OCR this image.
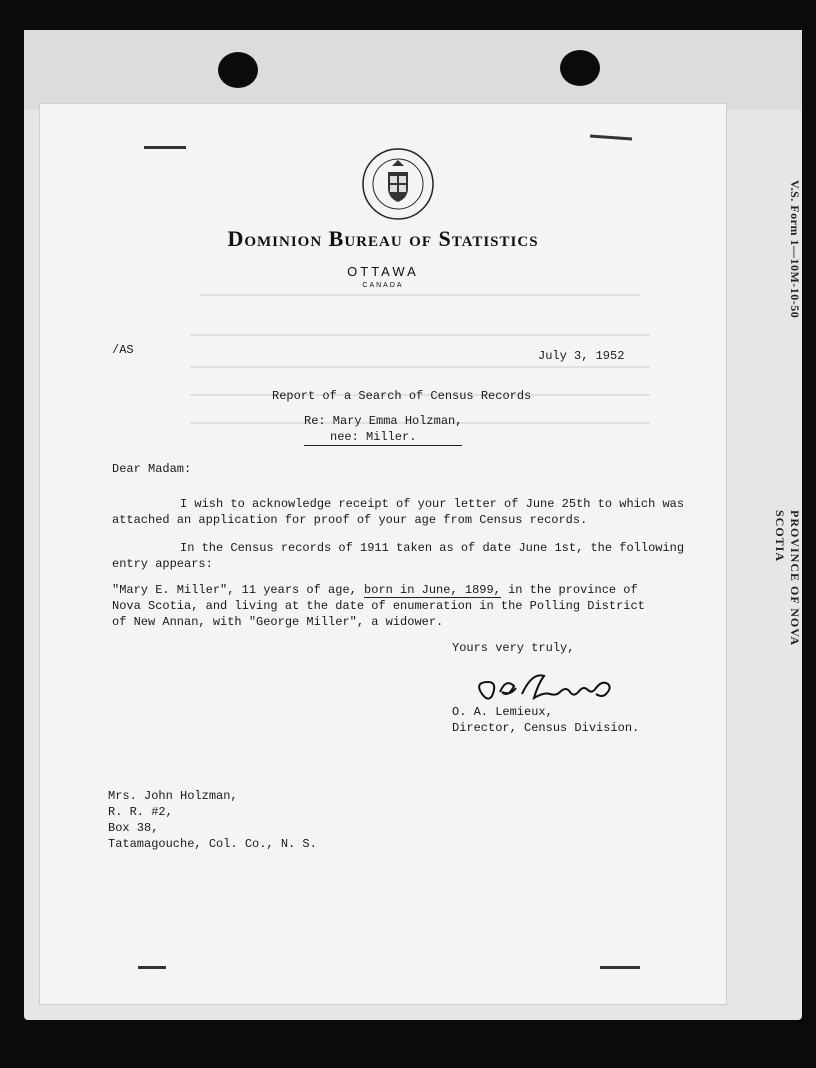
V.S. Form 1—10M-10-50
PROVINCE OF NOVA SCOTIA
Dominion Bureau of Statistics
OTTAWA
CANADA
/AS	July 3, 1952
Report of a Search of Census Records
Re: Mary Emma Holzman,
nee: Miller.
Dear Madam:
I wish to acknowledge receipt of your letter of June 25th to which was
attached an application for proof of your age from Census records.
In the Census records of 1911 taken as of date June 1st, the following
entry appears:
"Mary E. Miller", 11 years of age, born in June, 1899, in the province of
Nova Scotia, and living at the date of enumeration in the Polling District
of New Annan, with "George Miller", a widower.
Yours very truly,
O. A. Lemieux,
Director, Census Division.
Mrs. John Holzman,
R. R. #2,
Box 38,
Tatamagouche, Col. Co., N. S.
